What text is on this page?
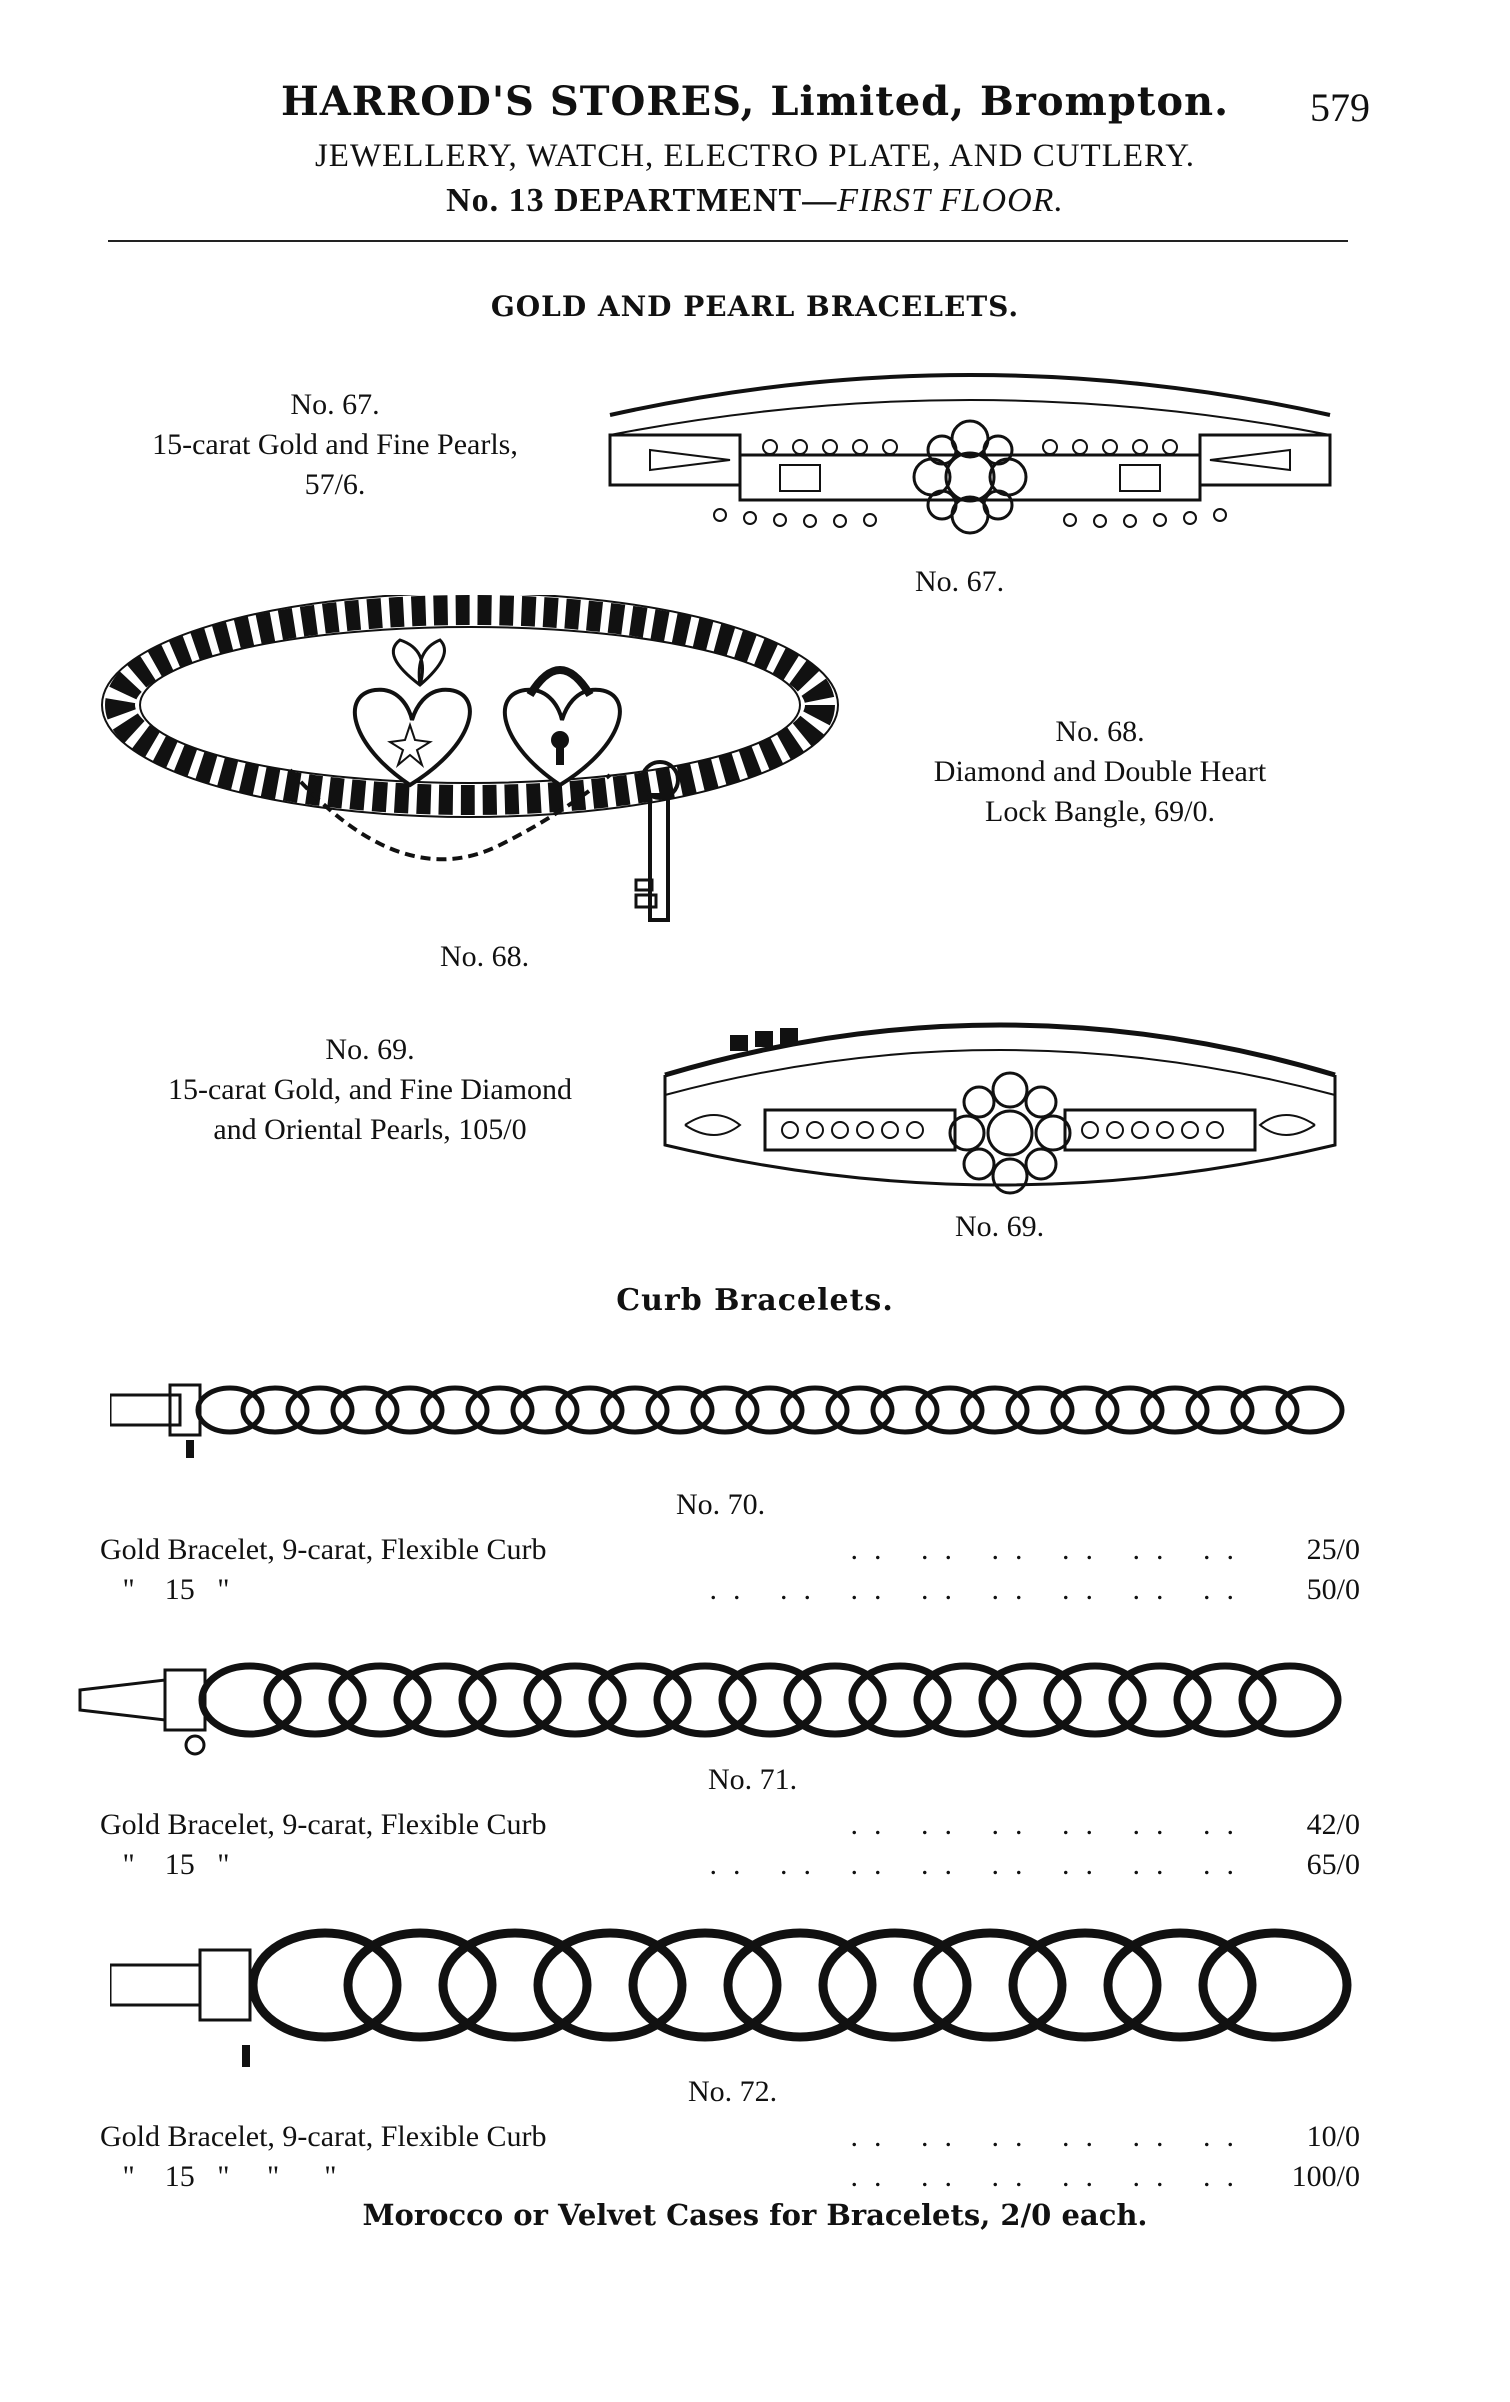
HARROD'S STORES, Limited, Brompton.	579
JEWELLERY, WATCH, ELECTRO PLATE, AND CUTLERY.
No. 13 DEPARTMENT—FIRST FLOOR.
GOLD AND PEARL BRACELETS.
No. 67.
15-carat Gold and Fine Pearls,
57/6.
No. 67.
No. 68.
No. 68.
Diamond and Double Heart
Lock Bangle, 69/0.
No. 69.
15-carat Gold, and Fine Diamond
and Oriental Pearls, 105/0
No. 69.
Curb Bracelets.
No. 70.
Gold Bracelet, 9-carat, Flexible Curb	.. .. .. .. .. ..	25/0
"    15   "	.. .. .. .. .. .. .. ..	50/0
No. 71.
Gold Bracelet, 9-carat, Flexible Curb	.. .. .. .. .. ..	42/0
"    15   "	.. .. .. .. .. .. .. ..	65/0
No. 72.
Gold Bracelet, 9-carat, Flexible Curb	.. .. .. .. .. ..	10/0
"    15   "     "      "	.. .. .. .. .. ..	100/0
Morocco or Velvet Cases for Bracelets, 2/0 each.
